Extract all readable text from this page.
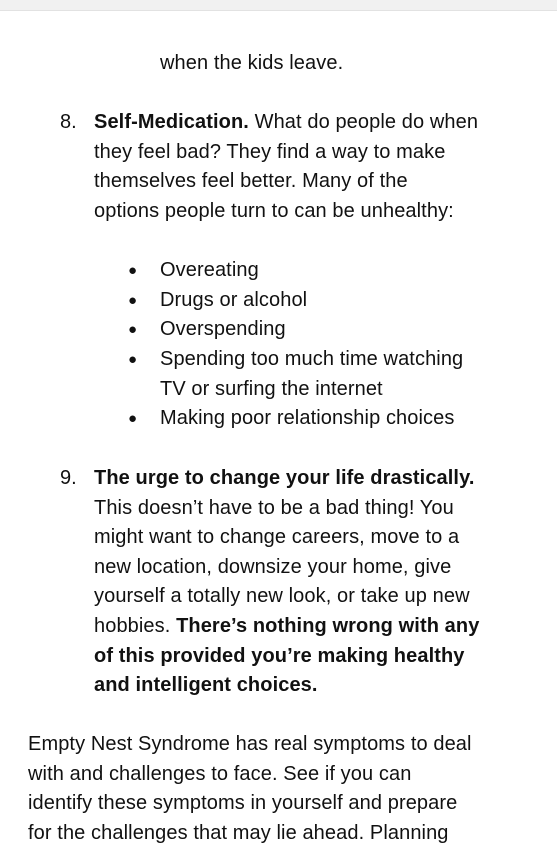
when the kids leave.
8. Self-Medication. What do people do when
they feel bad? They find a way to make
themselves feel better. Many of the
options people turn to can be unhealthy:
● Overeating
● Drugs or alcohol
● Overspending
● Spending too much time watching
TV or surfing the internet
● Making poor relationship choices
9. The urge to change your life drastically.
This doesn’t have to be a bad thing! You
might want to change careers, move to a
new location, downsize your home, give
yourself a totally new look, or take up new
hobbies. There’s nothing wrong with any
of this provided you’re making healthy
and intelligent choices.
Empty Nest Syndrome has real symptoms to deal
with and challenges to face. See if you can
identify these symptoms in yourself and prepare
for the challenges that may lie ahead. Planning
